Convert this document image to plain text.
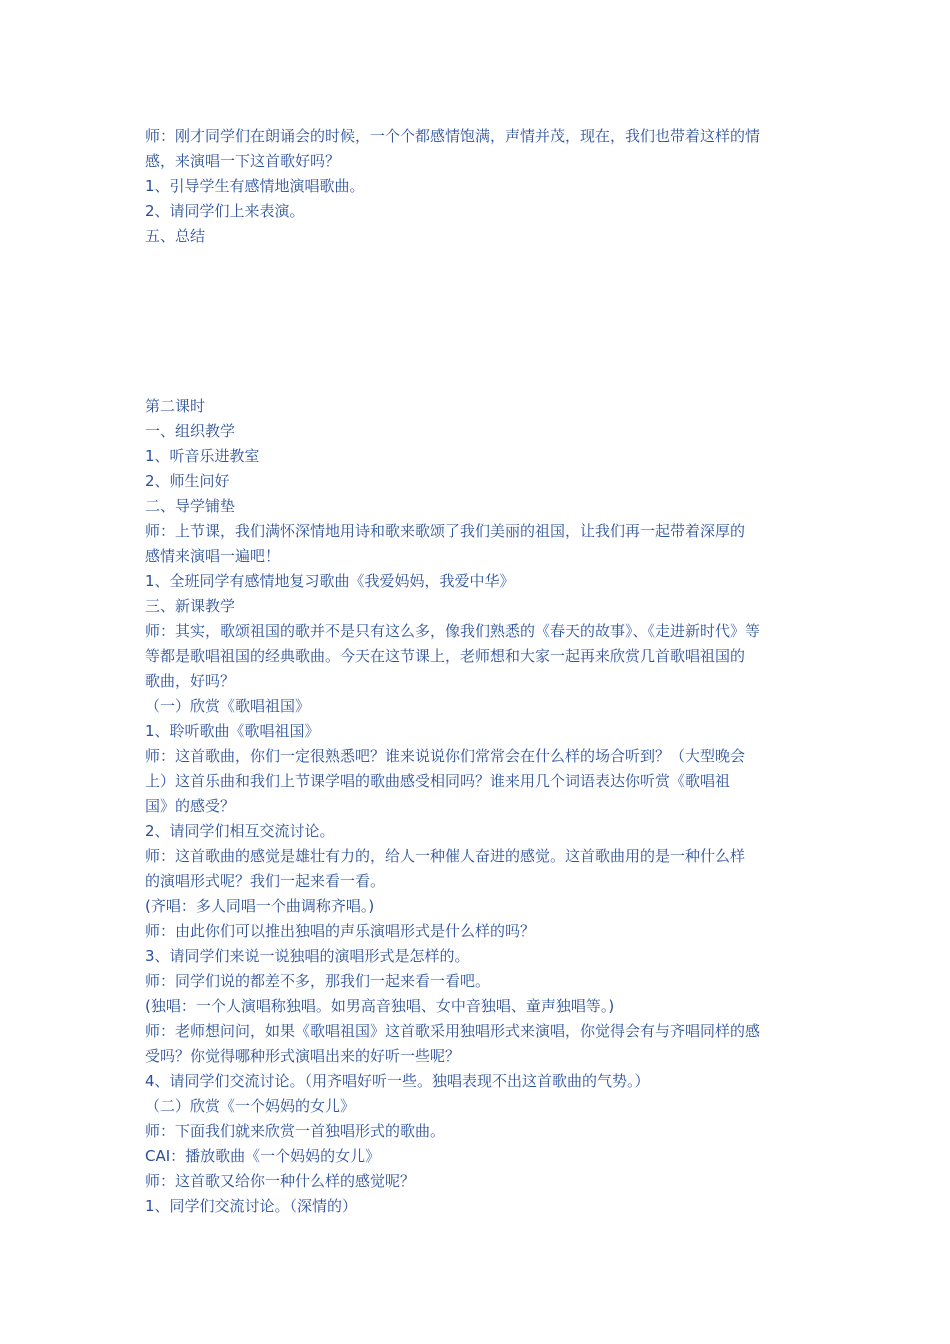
师：刚才同学们在朗诵会的时候，一个个都感情饱满，声情并茂，现在，我们也带着这样的情
感，来演唱一下这首歌好吗？
1、引导学生有感情地演唱歌曲。
2、请同学们上来表演。
五、总结
第二课时
一、组织教学
1、听音乐进教室
2、师生问好
二、导学铺垫
师：上节课，我们满怀深情地用诗和歌来歌颂了我们美丽的祖国，让我们再一起带着深厚的
感情来演唱一遍吧！
1、全班同学有感情地复习歌曲《我爱妈妈，我爱中华》
三、新课教学
师：其实，歌颂祖国的歌并不是只有这么多，像我们熟悉的《春天的故事》、《走进新时代》等
等都是歌唱祖国的经典歌曲。今天在这节课上，老师想和大家一起再来欣赏几首歌唱祖国的
歌曲，好吗？
（一）欣赏《歌唱祖国》
1、聆听歌曲《歌唱祖国》
师：这首歌曲，你们一定很熟悉吧？谁来说说你们常常会在什么样的场合听到？（大型晚会
上）这首乐曲和我们上节课学唱的歌曲感受相同吗？谁来用几个词语表达你听赏《歌唱祖
国》的感受？
2、请同学们相互交流讨论。
师：这首歌曲的感觉是雄壮有力的，给人一种催人奋进的感觉。这首歌曲用的是一种什么样
的演唱形式呢？我们一起来看一看。
(齐唱：多人同唱一个曲调称齐唱。)
师：由此你们可以推出独唱的声乐演唱形式是什么样的吗？
3、请同学们来说一说独唱的演唱形式是怎样的。
师：同学们说的都差不多，那我们一起来看一看吧。
(独唱：一个人演唱称独唱。如男高音独唱、女中音独唱、童声独唱等。)
师：老师想问问，如果《歌唱祖国》这首歌采用独唱形式来演唱，你觉得会有与齐唱同样的感
受吗？你觉得哪种形式演唱出来的好听一些呢？
4、请同学们交流讨论。（用齐唱好听一些。独唱表现不出这首歌曲的气势。）
（二）欣赏《一个妈妈的女儿》
师：下面我们就来欣赏一首独唱形式的歌曲。
CAI：播放歌曲《一个妈妈的女儿》
师：这首歌又给你一种什么样的感觉呢？
1、同学们交流讨论。（深情的）
